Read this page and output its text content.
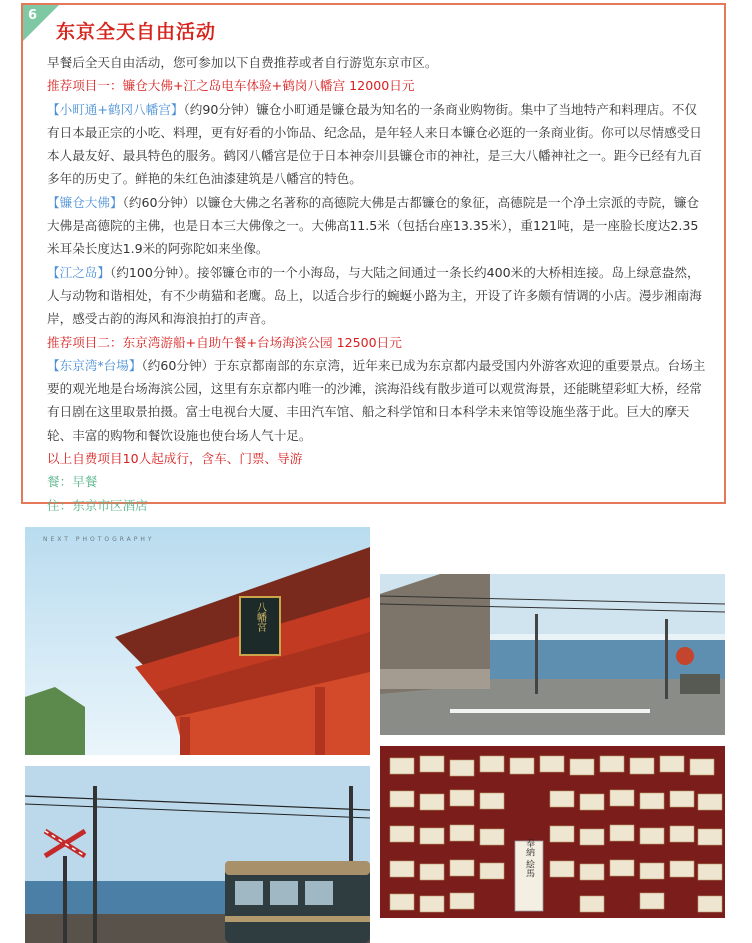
6
东京全天自由活动

早餐后全天自由活动，您可参加以下自费推荐或者自行游览东京市区。

推荐项目一：镰仓大佛+江之岛电车体验+鹤岗八幡宫 12000日元

【小町通+鹤冈八幡宫】（约90分钟）镰仓小町通是镰仓最为知名的一条商业购物街。集中了当地特产和料理店。不仅有日本最正宗的小吃、料理，更有好看的小饰品、纪念品，是年轻人来日本镰仓必逛的一条商业街。你可以尽情感受日本人最友好、最具特色的服务。鹤冈八幡宫是位于日本神奈川县镰仓市的神社，是三大八幡神社之一。距今已经有九百多年的历史了。鲜艳的朱红色油漆建筑是八幡宫的特色。

【镰仓大佛】（约60分钟）以镰仓大佛之名著称的高德院大佛是古都镰仓的象征，高德院是一个净土宗派的寺院，镰仓大佛是高德院的主佛，也是日本三大佛像之一。大佛高11.5米（包括台座13.35米），重121吨，是一座脸长度达2.35米耳朵长度达1.9米的阿弥陀如来坐像。

【江之岛】（约100分钟）。接邻镰仓市的一个小海岛，与大陆之间通过一条长约400米的大桥相连接。岛上绿意盎然，人与动物和谐相处，有不少萌猫和老鹰。岛上，以适合步行的蜿蜒小路为主，开设了许多颇有情调的小店。漫步湘南海岸，感受古韵的海风和海浪拍打的声音。

推荐项目二：东京湾游船+自助午餐+台场海滨公园 12500日元

【东京湾*台場】（约60分钟）于东京都南部的东京湾，近年来已成为东京都内最受国内外游客欢迎的重要景点。台场主要的观光地是台场海滨公园，这里有东京都内唯一的沙滩，滨海沿线有散步道可以观赏海景，还能眺望彩虹大桥，经常有日剧在这里取景拍摄。富士电视台大厦、丰田汽车馆、船之科学馆和日本科学未来馆等设施坐落于此。巨大的摩天轮、丰富的购物和餐饮设施也使台场人气十足。

以上自费项目10人起成行，含车、门票、导游

餐：早餐

住：东京市区酒店

八幡宮
NEXT PHOTOGRAPHY
奉納 絵馬
